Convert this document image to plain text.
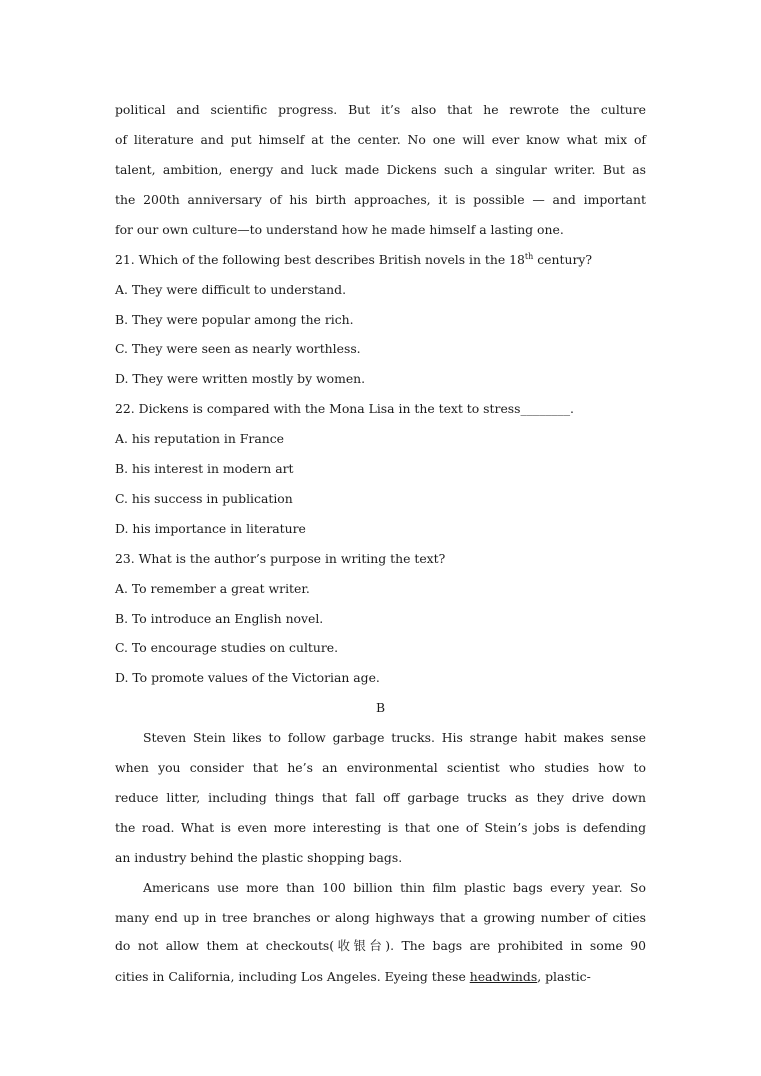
political and scientific progress. But it’s also that he rewrote the culture
of literature and put himself at the center. No one will ever know what mix of
talent, ambition, energy and luck made Dickens such a singular writer. But as
the 200th anniversary of his birth approaches, it is possible — and important
for our own culture—to understand how he made himself a lasting one.
21. Which of the following best describes British novels in the 18th century?
A. They were difficult to understand.
B. They were popular among the rich.
C. They were seen as nearly worthless.
D. They were written mostly by women.
22. Dickens is compared with the Mona Lisa in the text to stress________.
A. his reputation in France
B. his interest in modern art
C. his success in publication
D. his importance in literature
23. What is the author’s purpose in writing the text?
A. To remember a great writer.
B. To introduce an English novel.
C. To encourage studies on culture.
D. To promote values of the Victorian age.
B
Steven Stein likes to follow garbage trucks. His strange habit makes sense
when you consider that he’s an environmental scientist who studies how to
reduce litter, including things that fall off garbage trucks as they drive down
the road. What is even more interesting is that one of Stein’s jobs is defending
an industry behind the plastic shopping bags.
Americans use more than 100 billion thin film plastic bags every year. So
many end up in tree branches or along highways that a growing number of cities
do not allow them at checkouts(收银台). The bags are prohibited in some 90
cities in California, including Los Angeles. Eyeing these headwinds, plastic-
